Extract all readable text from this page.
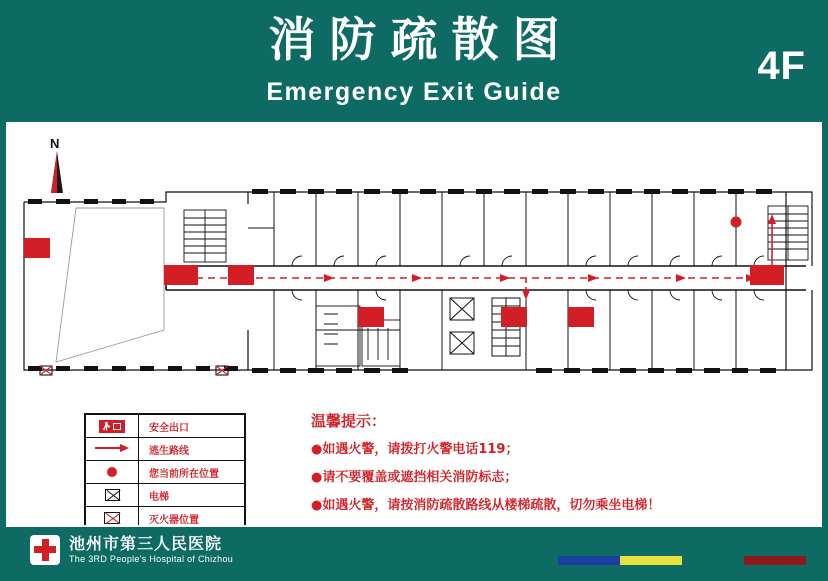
消防疏散图
Emergency Exit Guide
4F
N
	安全出口

	逃生路线
	您当前所在位置
	电梯
	灭火器位置
温馨提示：
●如遇火警，请拨打火警电话119；
●请不要覆盖或遮挡相关消防标志；
●如遇火警，请按消防疏散路线从楼梯疏散，切勿乘坐电梯！
池州市第三人民医院
The 3RD People's Hospital of Chizhou
